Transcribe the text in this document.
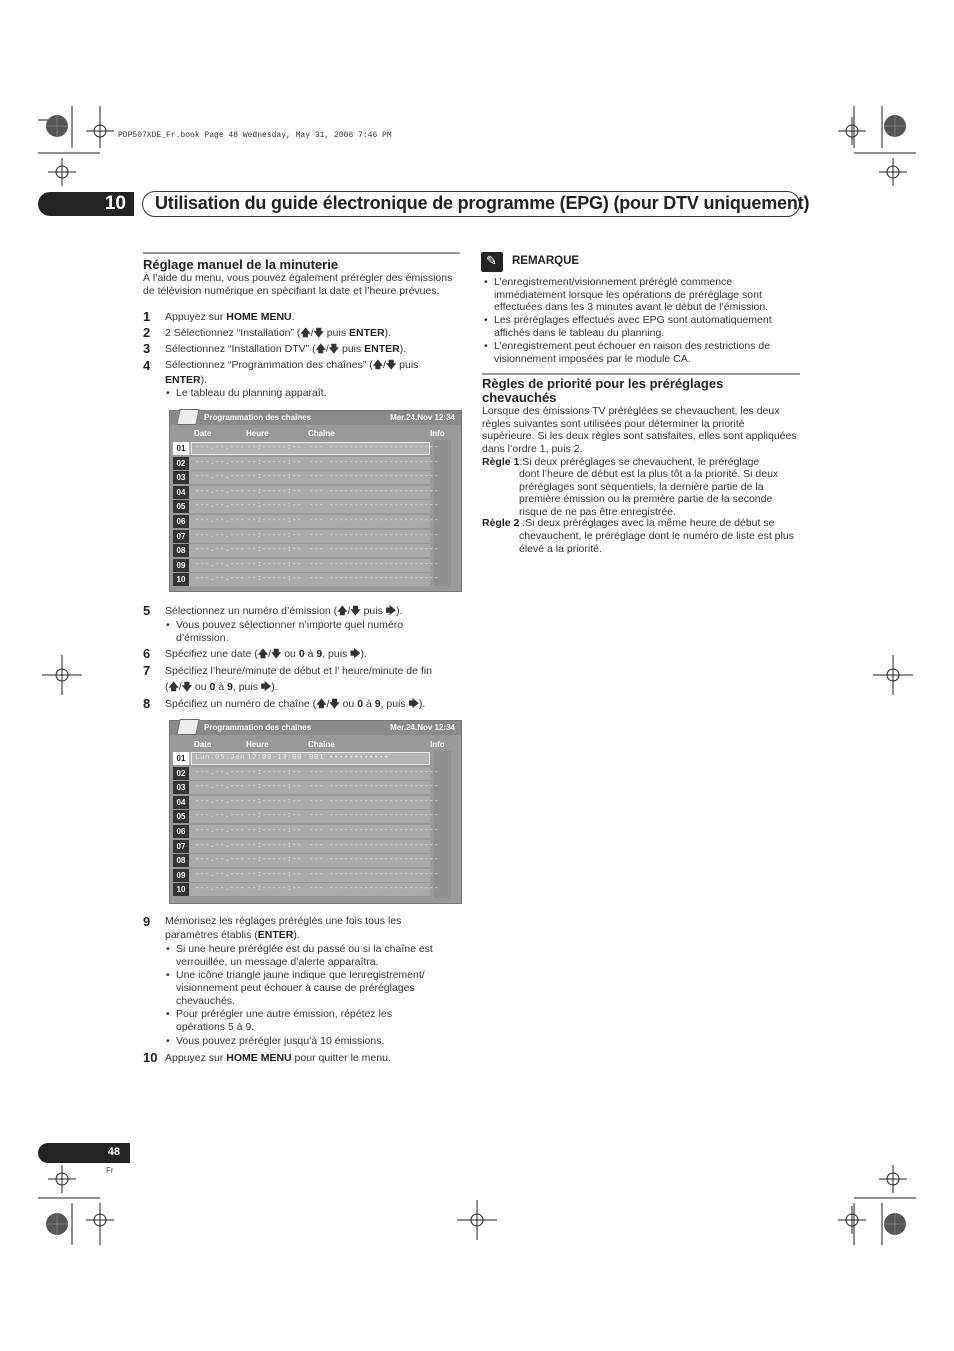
PDP507XDE_Fr.book Page 48 Wednesday, May 31, 2006 7:46 PM
10 Utilisation du guide électronique de programme (EPG) (pour DTV uniquement)
Réglage manuel de la minuterie
À l’aide du menu, vous pouvez également prérégler des émissions de télévision numérique en spécifiant la date et l’heure prévues.
1 Appuyez sur HOME MENU.
2 2 Sélectionnez “Installation” (🡅/🡇 puis ENTER).
3 Sélectionnez “Installation DTV” (🡅/🡇 puis ENTER).
4 Sélectionnez “Programmation des chaînes” (🡅/🡇 puis
ENTER).
• Le tableau du planning apparaît.
Programmation des chaînes	Mer.24.Nov 12:34
Date	Heure	Chaîne	Info
01	---.--.--- --:-----:-- --- ----------------------
02	---.--.--- --:-----:-- --- ----------------------
03	---.--.--- --:-----:-- --- ----------------------
04	---.--.--- --:-----:-- --- ----------------------
05	---.--.--- --:-----:-- --- ----------------------
06	---.--.--- --:-----:-- --- ----------------------
07	---.--.--- --:-----:-- --- ----------------------
08	---.--.--- --:-----:-- --- ----------------------
09	---.--.--- --:-----:-- --- ----------------------
10	---.--.--- --:-----:-- --- ----------------------
5 Sélectionnez un numéro d’émission (🡅/🡇 puis 🡆).
• Vous pouvez sélectionner n’importe quel numéro d’émission.
6 Spécifiez une date (🡅/🡇 ou 0 à 9, puis 🡆).
7 Spécifiez l’heure/minute de début et l’ heure/minute de fin
(🡅/🡇 ou 0 à 9, puis 🡆).
8 Spécifiez un numéro de chaîne (🡅/🡇 ou 0 à 9, puis 🡆).
Programmation des chaînes	Mer.24.Nov 12:34
Date	Heure	Chaîne	Info
01	Lun.05.Jan 12:00-13:00 001 ••••••••••••
02	---.--.--- --:-----:-- --- ----------------------
03	---.--.--- --:-----:-- --- ----------------------
04	---.--.--- --:-----:-- --- ----------------------
05	---.--.--- --:-----:-- --- ----------------------
06	---.--.--- --:-----:-- --- ----------------------
07	---.--.--- --:-----:-- --- ----------------------
08	---.--.--- --:-----:-- --- ----------------------
09	---.--.--- --:-----:-- --- ----------------------
10	---.--.--- --:-----:-- --- ----------------------
9 Mémorisez les réglages préréglés une fois tous les
paramètres établis (ENTER).
• Si une heure préréglée est du passé ou si la chaîne est verrouillée, un message d’alerte apparaîtra.
• Une icône triangle jaune indique que lenregistrement/ visionnement peut échouer à cause de préréglages chevauchés.
• Pour prérégler une autre émission, répétez les opérations 5 à 9.
• Vous pouvez prérégler jusqu’à 10 émissions.
10 Appuyez sur HOME MENU pour quitter le menu.
✎ REMARQUE
• L’enregistrement/visionnement préréglé commence immédiatement lorsque les opérations de préréglage sont effectuées dans les 3 minutes avant le début de l’émission.
• Les préréglages effectués avec EPG sont automatiquement affichés dans le tableau du planning.
• L’enregistrement peut échouer en raison des restrictions de visionnement imposées par le module CA.
Règles de priorité pour les préréglages chevauchés
Lorsque des émissions TV préréglées se chevauchent, les deux règles suivantes sont utilisées pour déterminer la priorité supérieure. Si les deux règles sont satisfaites, elles sont appliquées dans l’ordre 1, puis 2.
Règle 1:Si deux préréglages se chevauchent, le préréglage
dont l’heure de début est la plus tôt a la priorité. Si deux préréglages sont séquentiels, la dernière partie de la première émission ou la première partie de la seconde risque de ne pas être enregistrée.
Règle 2 :Si deux préréglages avec la même heure de début se
chevauchent, le préréglage dont le numéro de liste est plus élevé a la priorité.
48
Fr
